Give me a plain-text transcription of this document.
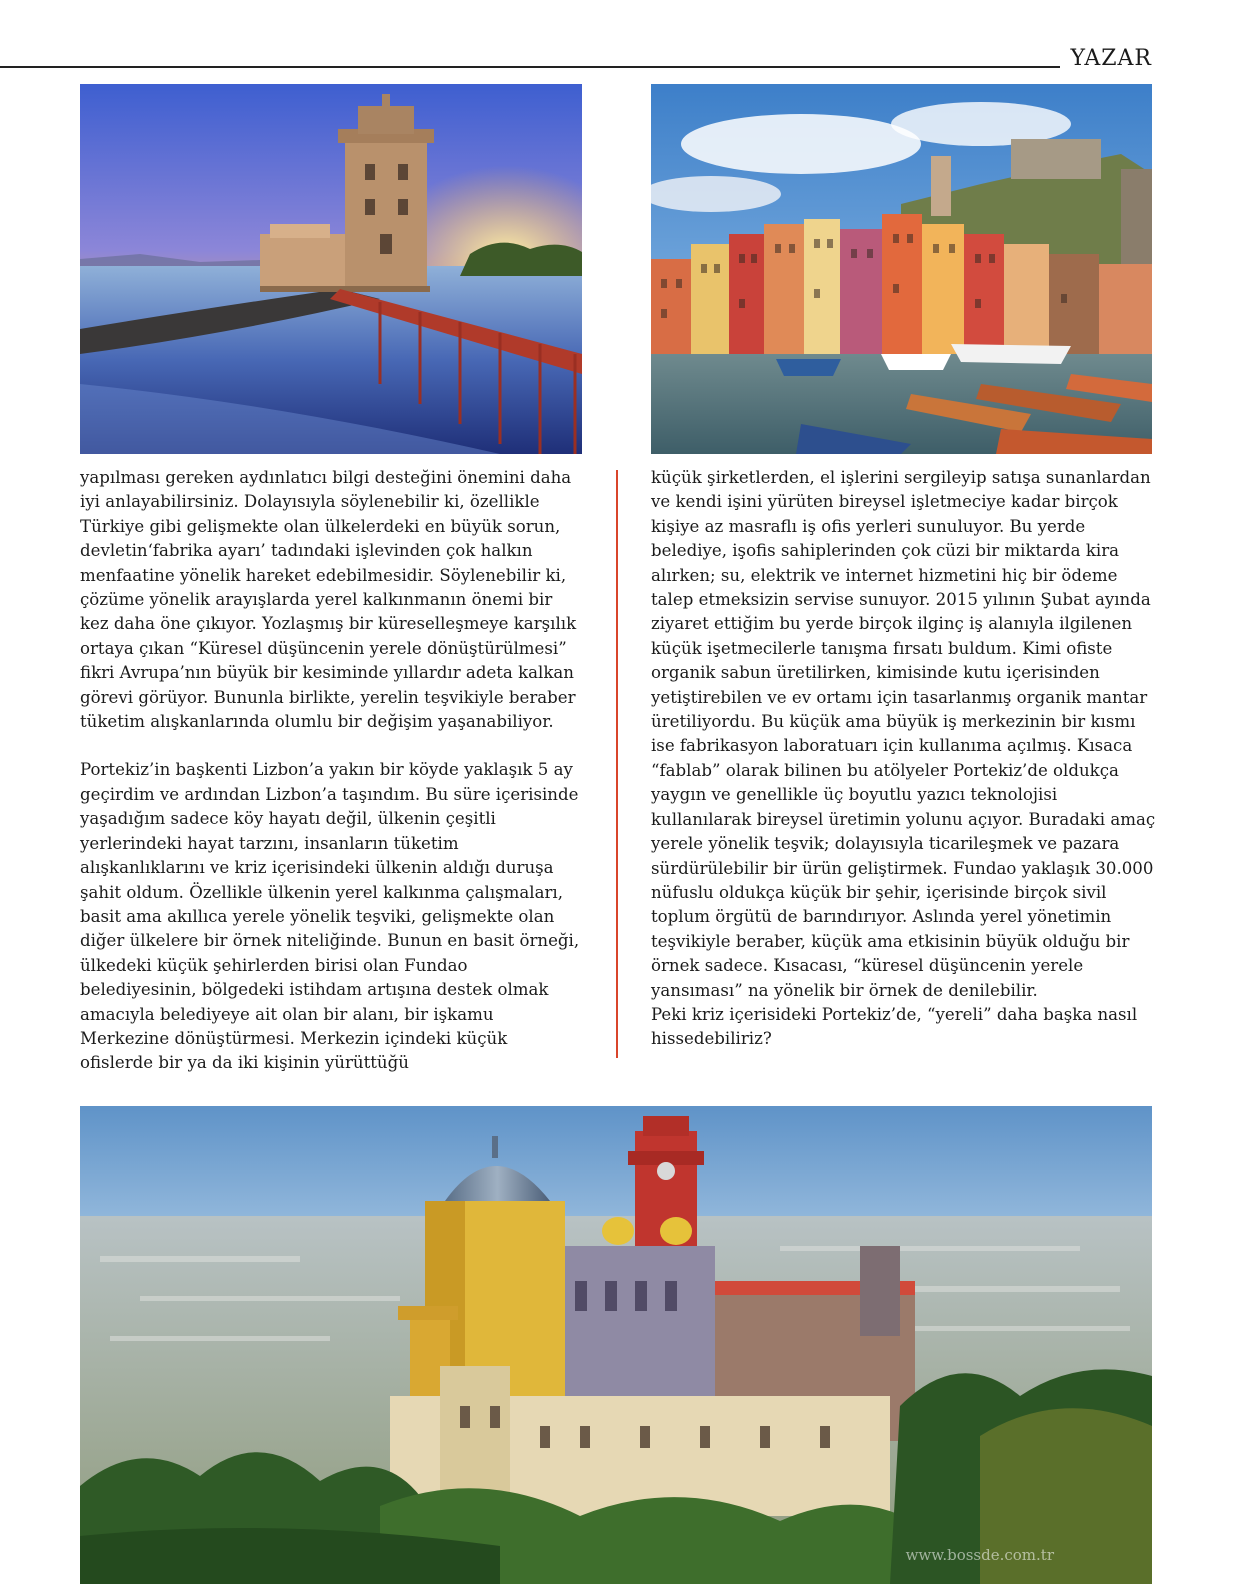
YAZAR

yapılması gereken aydınlatıcı bilgi desteğini önemini daha iyi anlayabilirsiniz. Dolayısıyla söylenebilir ki, özellikle Türkiye gibi gelişmekte olan ülkelerdeki en büyük sorun, devletin‘fabrika ayarı’ tadındaki işlevinden çok halkın menfaatine yönelik hareket edebilmesidir. Söylenebilir ki, çözüme yönelik arayışlarda yerel kalkınmanın önemi bir kez daha öne çıkıyor. Yozlaşmış bir küreselleşmeye karşılık ortaya çıkan “Küresel düşüncenin yerele dönüştürülmesi” fikri Avrupa’nın büyük bir kesiminde yıllardır adeta kalkan görevi görüyor. Bununla birlikte, yerelin teşvikiyle beraber tüketim alışkanlarında olumlu bir değişim yaşanabiliyor.

Portekiz’in başkenti Lizbon’a yakın bir köyde yaklaşık 5 ay geçirdim ve ardından Lizbon’a taşındım. Bu süre içerisinde yaşadığım sadece köy hayatı değil, ülkenin çeşitli yerlerindeki hayat tarzını, insanların tüketim alışkanlıklarını ve kriz içerisindeki ülkenin aldığı duruşa şahit oldum. Özellikle ülkenin yerel kalkınma çalışmaları, basit ama akıllıca yerele yönelik teşviki, gelişmekte olan diğer ülkelere bir örnek niteliğinde. Bunun en basit örneği, ülkedeki küçük şehirlerden birisi olan Fundao belediyesinin, bölgedeki istihdam artışına destek olmak amacıyla belediyeye ait olan bir alanı, bir işkamu Merkezine dönüştürmesi. Merkezin içindeki küçük ofislerde bir ya da iki kişinin yürüttüğü

küçük şirketlerden, el işlerini sergileyip satışa sunanlardan ve kendi işini yürüten bireysel işletmeciye kadar birçok kişiye az masraflı iş ofis yerleri sunuluyor. Bu yerde belediye, işofis sahiplerinden çok cüzi bir miktarda kira alırken; su, elektrik ve internet hizmetini hiç bir ödeme talep etmeksizin servise sunuyor. 2015 yılının Şubat ayında ziyaret ettiğim bu yerde birçok ilginç iş alanıyla ilgilenen küçük işetmecilerle tanışma fırsatı buldum. Kimi ofiste organik sabun üretilirken, kimisinde kutu içerisinden yetiştirebilen ve ev ortamı için tasarlanmış organik mantar üretiliyordu. Bu küçük ama büyük iş merkezinin bir kısmı ise fabrikasyon laboratuarı için kullanıma açılmış. Kısaca “fablab” olarak bilinen bu atölyeler Portekiz’de oldukça yaygın ve genellikle üç boyutlu yazıcı teknolojisi kullanılarak bireysel üretimin yolunu açıyor. Buradaki amaç yerele yönelik teşvik; dolayısıyla ticarileşmek ve pazara sürdürülebilir bir ürün geliştirmek. Fundao yaklaşık 30.000 nüfuslu oldukça küçük bir şehir, içerisinde birçok sivil toplum örgütü de barındırıyor. Aslında yerel yönetimin teşvikiyle beraber, küçük ama etkisinin büyük olduğu bir örnek sadece. Kısacası, “küresel düşüncenin yerele yansıması” na yönelik bir örnek de denilebilir.

Peki kriz içerisideki Portekiz’de, “yereli” daha başka nasıl hissedebiliriz?

www.bossde.com.tr
